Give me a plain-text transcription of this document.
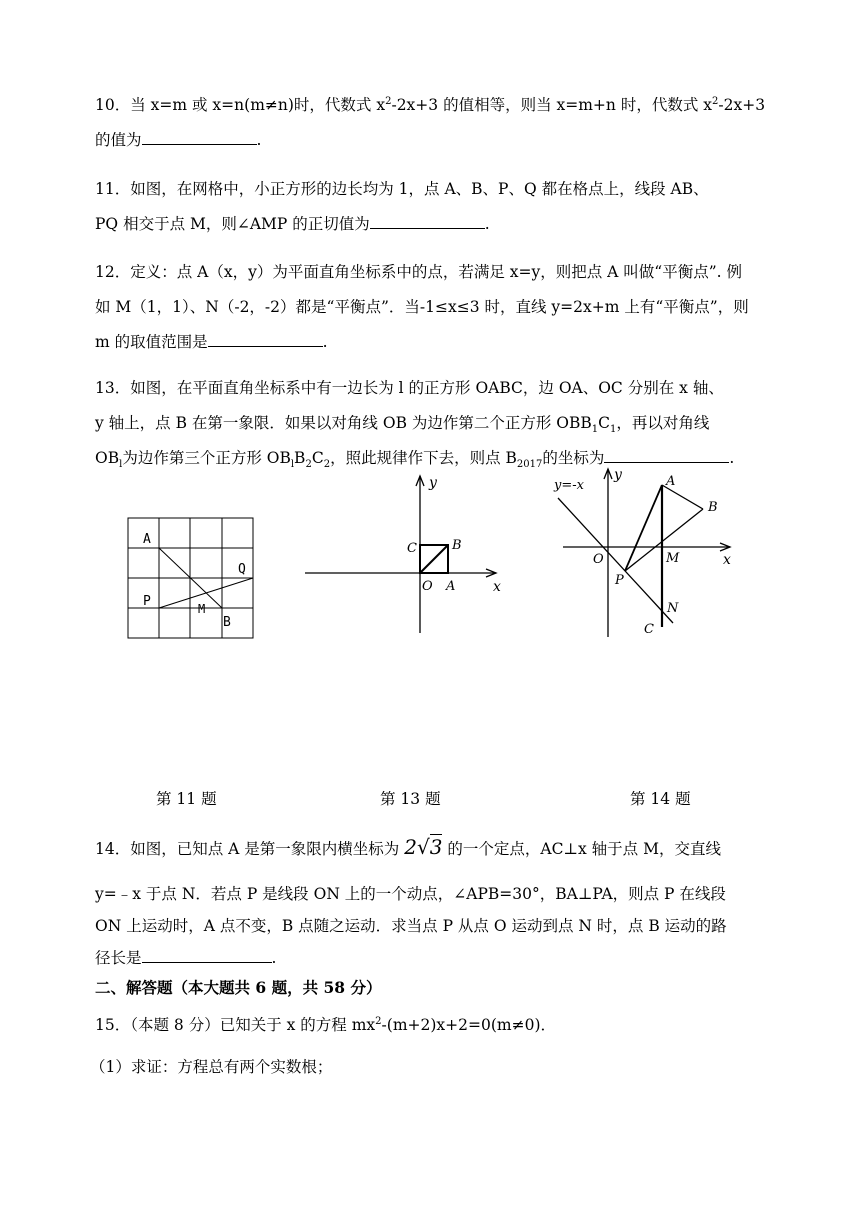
10．当 x=m 或 x=n(m≠n)时，代数式 $x^2-2x+3$ 的值相等，则当 x=m+n 时，代数式 $x^2-2x+3$
的值为	.
11．如图，在网格中，小正方形的边长均为 1，点 A、B、P、Q 都在格点上，线段 AB、
PQ 相交于点 M，则∠AMP 的正切值为	.
12．定义：点 A（x，y）为平面直角坐标系中的点，若满足 x=y，则把点 A 叫做“平衡点”. 例
如 M（1，1）、N（-2，-2）都是“平衡点”．当-1≤x≤3 时，直线 y=2x+m 上有“平衡点”，则
m 的取值范围是	.
13．如图，在平面直角坐标系中有一边长为 l 的正方形 OABC，边 OA、OC 分别在 x 轴、
y 轴上，点 B 在第一象限．如果以对角线 OB 为边作第二个正方形 $OBB_1C_1$，再以对角线
$OB_l$为边作第三个正方形 $OB_lB_2C_2$，照此规律作下去，则点 $B_{2017}$的坐标为	.
A
Q
P	M
B
y
x
C	B
O A
y=-x
y	A
B
O	M	x
P
N
C
第 11 题	第 13 题	第 14 题
14．如图，已知点 A 是第一象限内横坐标为 2√3 的一个定点，AC⊥x 轴于点 M，交直线
y=﹣x 于点 N．若点 P 是线段 ON 上的一个动点，∠APB=30°，BA⊥PA，则点 P 在线段
ON 上运动时，A 点不变，B 点随之运动．求当点 P 从点 O 运动到点 N 时，点 B 运动的路
径长是	.
二、解答题（本大题共 6 题，共 58 分）
15．（本题 8 分）已知关于 x 的方程 $mx^2-(m+2)x+2=0(m\ne 0)$．
（1）求证：方程总有两个实数根；
